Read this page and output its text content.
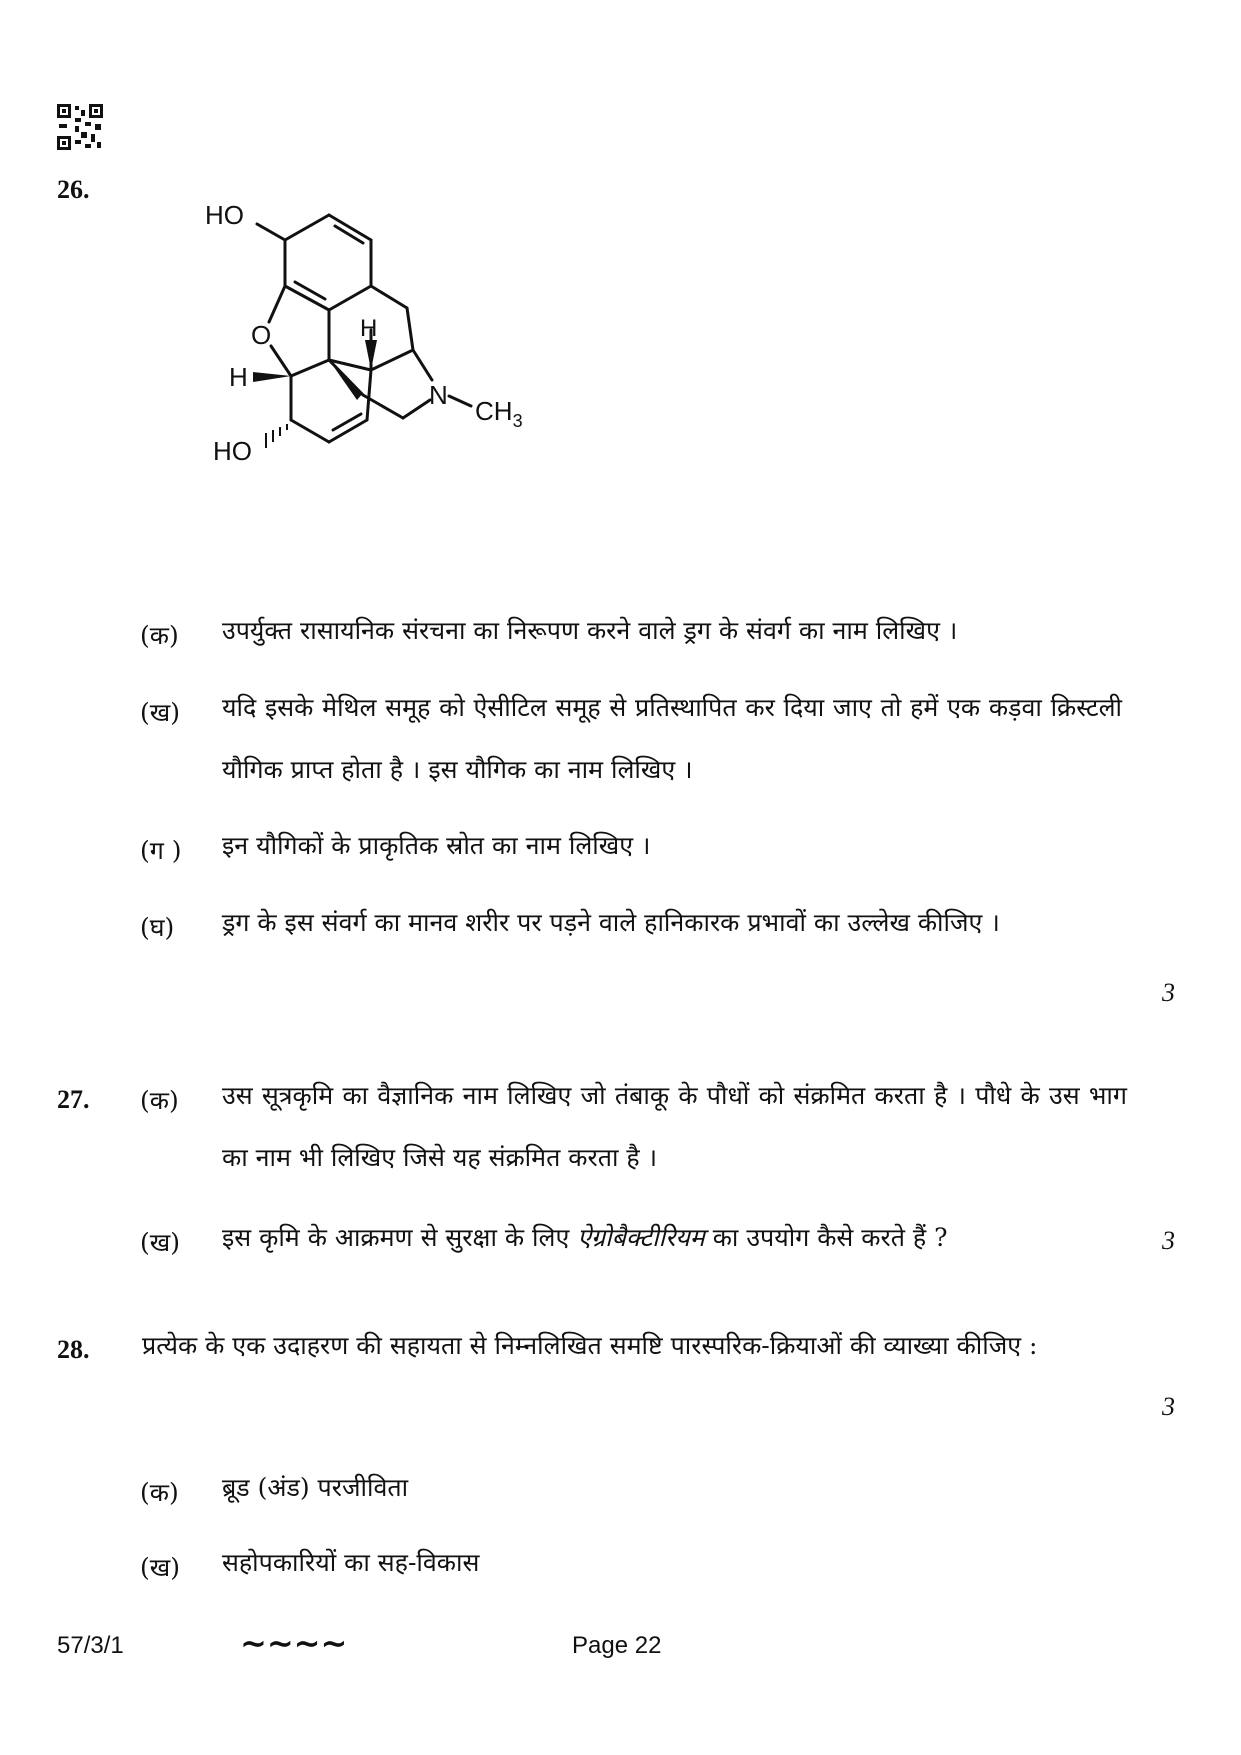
26.
HO
O
H
HO
H
N
$CH_3$
(क)	उपर्युक्त रासायनिक संरचना का निरूपण करने वाले ड्रग के संवर्ग का नाम लिखिए ।
(ख)	यदि इसके मेथिल समूह को ऐसीटिल समूह से प्रतिस्थापित कर दिया जाए तो हमें एक कड़वा क्रिस्टली यौगिक प्राप्त होता है । इस यौगिक का नाम लिखिए ।
(ग )	इन यौगिकों के प्राकृतिक स्रोत का नाम लिखिए ।
(घ)	ड्रग के इस संवर्ग का मानव शरीर पर पड़ने वाले हानिकारक प्रभावों का उल्लेख कीजिए ।
3
27. (क)	उस सूत्रकृमि का वैज्ञानिक नाम लिखिए जो तंबाकू के पौधों को संक्रमित करता है । पौधे के उस भाग का नाम भी लिखिए जिसे यह संक्रमित करता है ।
(ख)	इस कृमि के आक्रमण से सुरक्षा के लिए ऐग्रोबैक्टीरियम का उपयोग कैसे करते हैं ?	3
28. प्रत्येक के एक उदाहरण की सहायता से निम्नलिखित समष्टि पारस्परिक-क्रियाओं की व्याख्या कीजिए :
3
(क)	ब्रूड (अंड) परजीविता
(ख)	सहोपकारियों का सह-विकास
57/3/1	∼∼∼∼	Page 22
